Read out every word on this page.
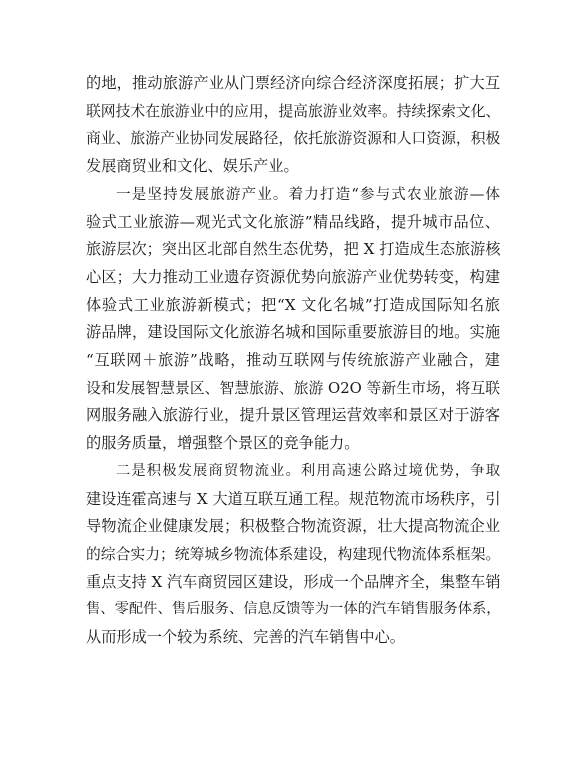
的地，推动旅游产业从门票经济向综合经济深度拓展；扩大互
联网技术在旅游业中的应用，提高旅游业效率。持续探索文化、
商业、旅游产业协同发展路径，依托旅游资源和人口资源，积极
发展商贸业和文化、娱乐产业。

一是坚持发展旅游产业。着力打造“参与式农业旅游—体
验式工业旅游—观光式文化旅游”精品线路，提升城市品位、
旅游层次；突出区北部自然生态优势，把 X 打造成生态旅游核
心区；大力推动工业遗存资源优势向旅游产业优势转变，构建
体验式工业旅游新模式；把“X 文化名城”打造成国际知名旅
游品牌，建设国际文化旅游名城和国际重要旅游目的地。实施
“互联网＋旅游”战略，推动互联网与传统旅游产业融合，建
设和发展智慧景区、智慧旅游、旅游 O2O 等新生市场，将互联
网服务融入旅游行业，提升景区管理运营效率和景区对于游客
的服务质量，增强整个景区的竞争能力。

二是积极发展商贸物流业。利用高速公路过境优势，争取
建设连霍高速与 X 大道互联互通工程。规范物流市场秩序，引
导物流企业健康发展；积极整合物流资源，壮大提高物流企业
的综合实力；统筹城乡物流体系建设，构建现代物流体系框架。
重点支持 X 汽车商贸园区建设，形成一个品牌齐全，集整车销
售、零配件、售后服务、信息反馈等为一体的汽车销售服务体系，
从而形成一个较为系统、完善的汽车销售中心。
